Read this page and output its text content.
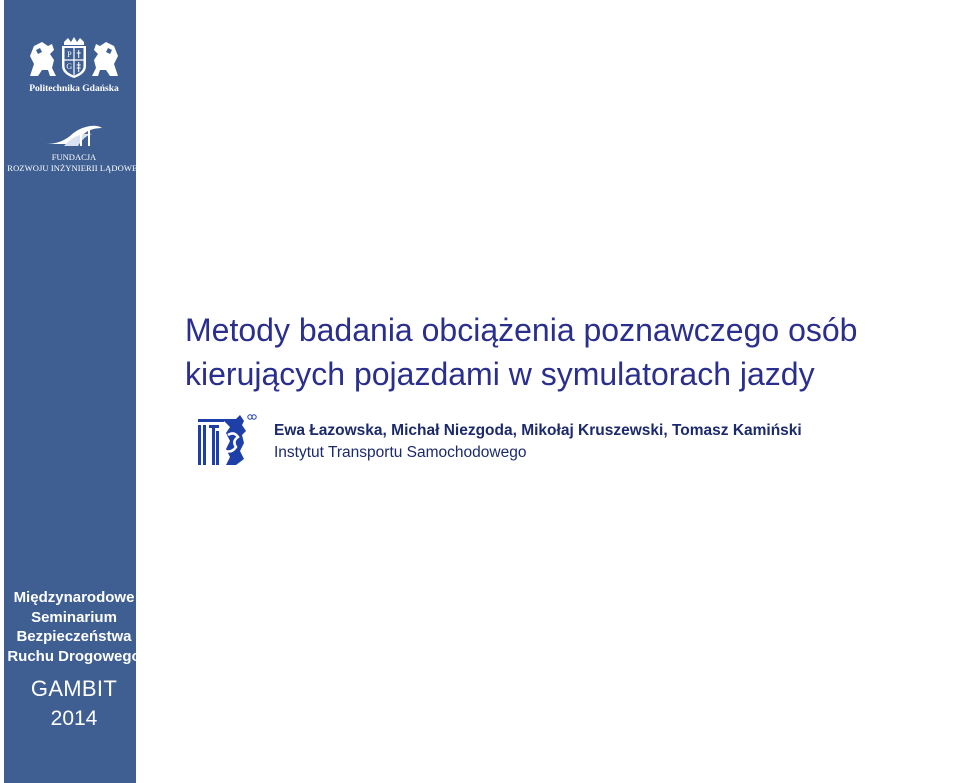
P
G
Politechnika Gdańska
FUNDACJA
ROZWOJU INŻYNIERII LĄDOWEJ
Międzynarodowe
Seminarium
Bezpieczeństwa
Ruchu Drogowego
GAMBIT
2014
Metody badania obciążenia poznawczego osób
kierujących pojazdami w symulatorach jazdy
Ewa Łazowska, Michał Niezgoda, Mikołaj Kruszewski, Tomasz Kamiński
Instytut Transportu Samochodowego
